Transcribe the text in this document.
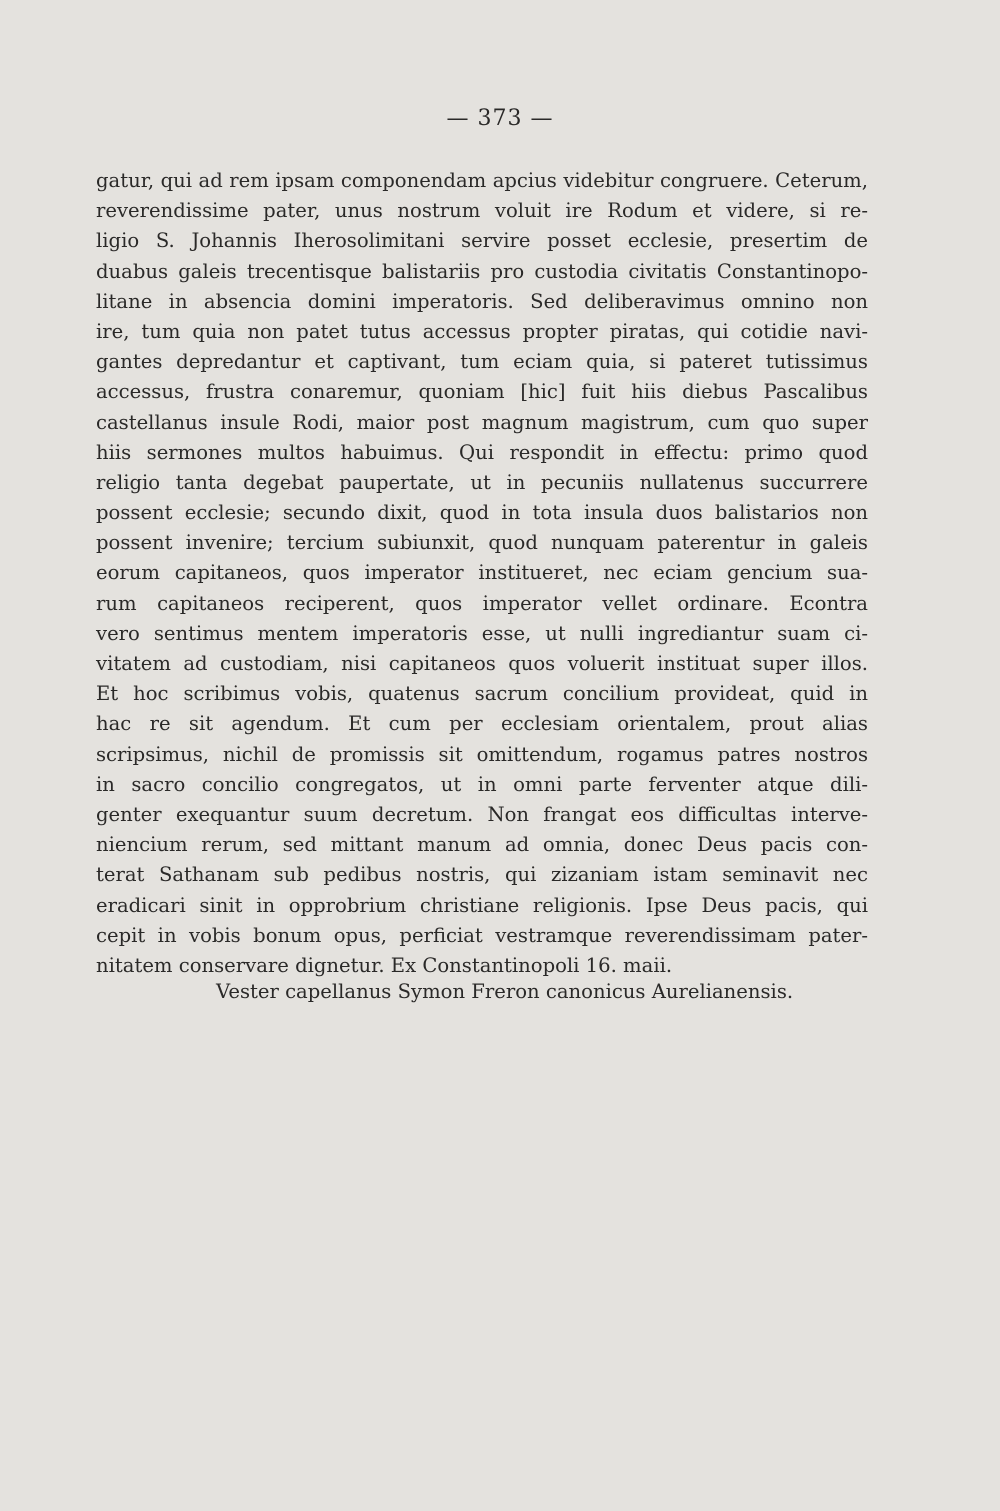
— 373 —
gatur, qui ad rem ipsam componendam apcius videbitur congruere. Ceterum,
reverendissime pater, unus nostrum voluit ire Rodum et videre, si re-
ligio S. Johannis Iherosolimitani servire posset ecclesie, presertim de
duabus galeis trecentisque balistariis pro custodia civitatis Constantinopo-
litane in absencia domini imperatoris. Sed deliberavimus omnino non
ire, tum quia non patet tutus accessus propter piratas, qui cotidie navi-
gantes depredantur et captivant, tum eciam quia, si pateret tutissimus
accessus, frustra conaremur, quoniam [hic] fuit hiis diebus Pascalibus
castellanus insule Rodi, maior post magnum magistrum, cum quo super
hiis sermones multos habuimus. Qui respondit in effectu: primo quod
religio tanta degebat paupertate, ut in pecuniis nullatenus succurrere
possent ecclesie; secundo dixit, quod in tota insula duos balistarios non
possent invenire; tercium subiunxit, quod nunquam paterentur in galeis
eorum capitaneos, quos imperator institueret, nec eciam gencium sua-
rum capitaneos reciperent, quos imperator vellet ordinare. Econtra
vero sentimus mentem imperatoris esse, ut nulli ingrediantur suam ci-
vitatem ad custodiam, nisi capitaneos quos voluerit instituat super illos.
Et hoc scribimus vobis, quatenus sacrum concilium provideat, quid in
hac re sit agendum. Et cum per ecclesiam orientalem, prout alias
scripsimus, nichil de promissis sit omittendum, rogamus patres nostros
in sacro concilio congregatos, ut in omni parte ferventer atque dili-
genter exequantur suum decretum. Non frangat eos difficultas interve-
niencium rerum, sed mittant manum ad omnia, donec Deus pacis con-
terat Sathanam sub pedibus nostris, qui zizaniam istam seminavit nec
eradicari sinit in opprobrium christiane religionis. Ipse Deus pacis, qui
cepit in vobis bonum opus, perficiat vestramque reverendissimam pater-
nitatem conservare dignetur. Ex Constantinopoli 16. maii.
Vester capellanus Symon Freron canonicus Aurelianensis.
